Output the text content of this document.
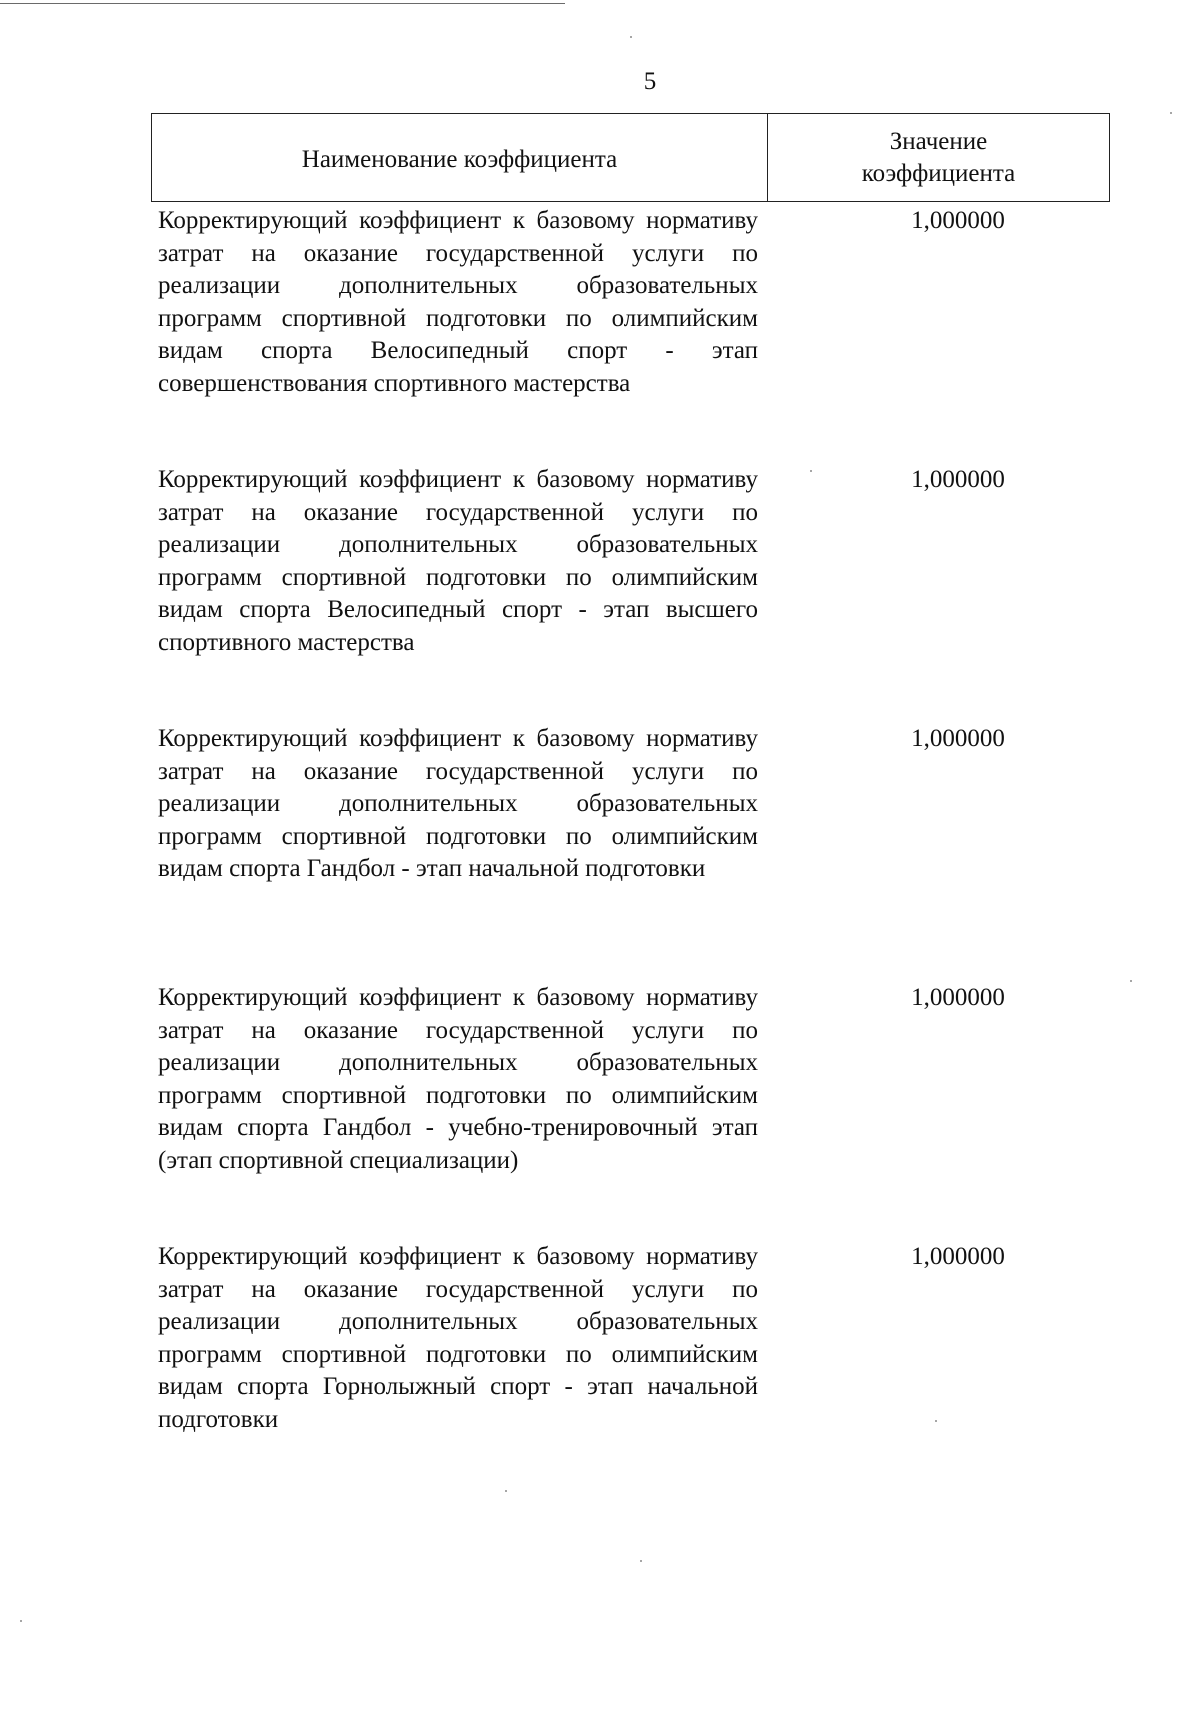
5
Наименование коэффициента
Значение
коэффициента
Корректирующий коэффициент к базовому нормативу затрат на оказание государственной услуги по реализации дополнительных образовательных программ спортивной подготовки по олимпийским видам спорта Велосипедный спорт - этап совершенствования спортивного мастерства
1,000000
Корректирующий коэффициент к базовому нормативу затрат на оказание государственной услуги по реализации дополнительных образовательных программ спортивной подготовки по олимпийским видам спорта Велосипедный спорт - этап высшего спортивного мастерства
1,000000
Корректирующий коэффициент к базовому нормативу затрат на оказание государственной услуги по реализации дополнительных образовательных программ спортивной подготовки по олимпийским видам спорта Гандбол - этап начальной подготовки
1,000000
Корректирующий коэффициент к базовому нормативу затрат на оказание государственной услуги по реализации дополнительных образовательных программ спортивной подготовки по олимпийским видам спорта Гандбол - учебно-тренировочный этап (этап спортивной специализации)
1,000000
Корректирующий коэффициент к базовому нормативу затрат на оказание государственной услуги по реализации дополнительных образовательных программ спортивной подготовки по олимпийским видам спорта Горнолыжный спорт - этап начальной подготовки
1,000000
